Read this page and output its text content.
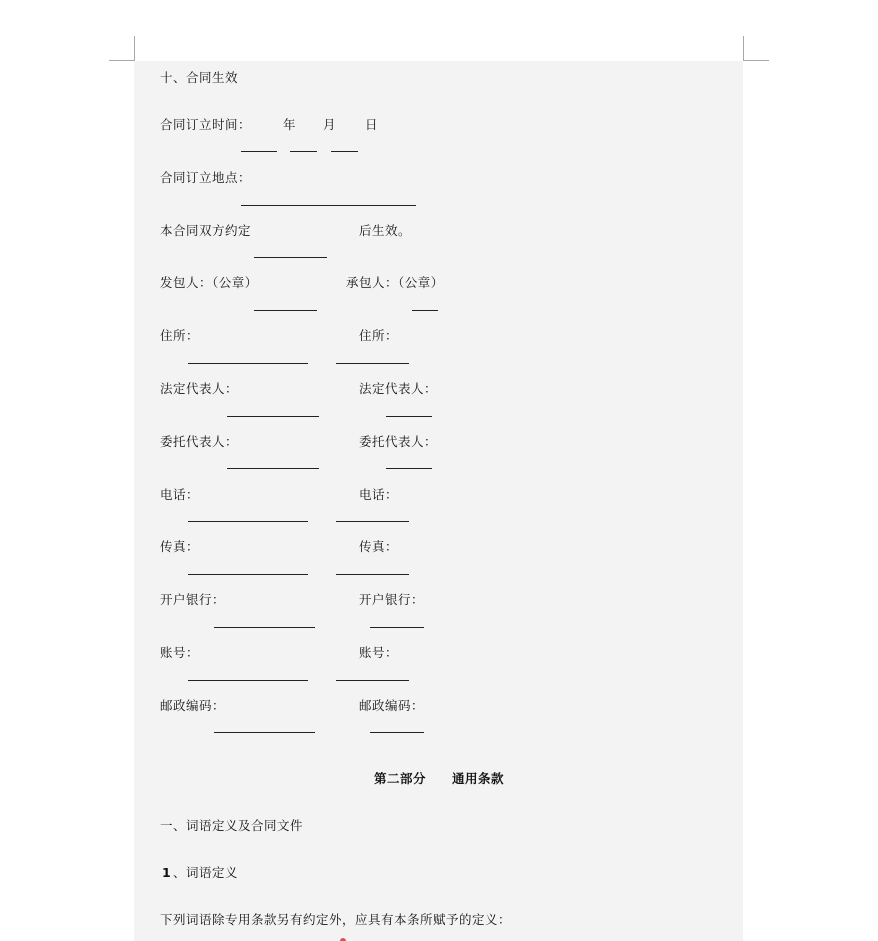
十、合同生效
合同订立时间：	年 月 日
合同订立地点：
本合同双方约定	后生效。
发包人：（公章）	承包人：（公章）
住所：	住所：
法定代表人：	法定代表人：
委托代表人：	委托代表人：
电话：	电话：
传真：	传真：
开户银行：	开户银行：
账号：	账号：
邮政编码：	邮政编码：
第二部分 通用条款
一、词语定义及合同文件
1 、词语定义
下列词语除专用条款另有约定外，应具有本条所赋予的定义：
